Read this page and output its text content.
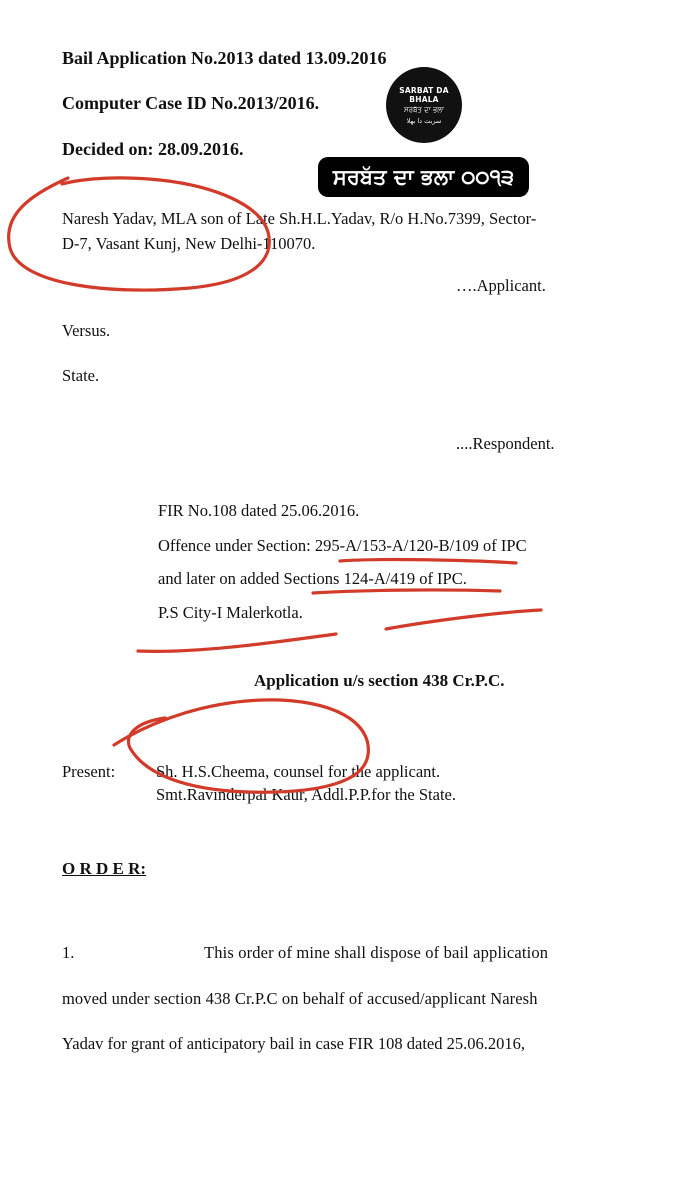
Bail Application No.2013 dated 13.09.2016
Computer Case ID No.2013/2016.
Decided on: 28.09.2016.
SARBAT DA BHALA
ਸਰਬੱਤ ਦਾ ਭਲਾ
سربت دا بھلا
ਸਰਬੱਤ ਦਾ ਭਲਾ ੦੦੧੩
Naresh Yadav, MLA son of Late Sh.H.L.Yadav, R/o H.No.7399, Sector-
D-7, Vasant Kunj, New Delhi-110070.
….Applicant.
Versus.
State.
....Respondent.
FIR No.108 dated 25.06.2016.
Offence under Section: 295-A/153-A/120-B/109 of IPC
and later on added Sections 124-A/419 of IPC.
P.S City-I Malerkotla.
Application u/s section 438 Cr.P.C.
Present: Sh. H.S.Cheema, counsel for the applicant.
Smt.Ravinderpal Kaur, Addl.P.P.for the State.
O R D E R:
1.	This order of mine shall dispose of bail application
moved under section 438 Cr.P.C on behalf of accused/applicant Naresh
Yadav for grant of anticipatory bail in case FIR 108 dated 25.06.2016,
